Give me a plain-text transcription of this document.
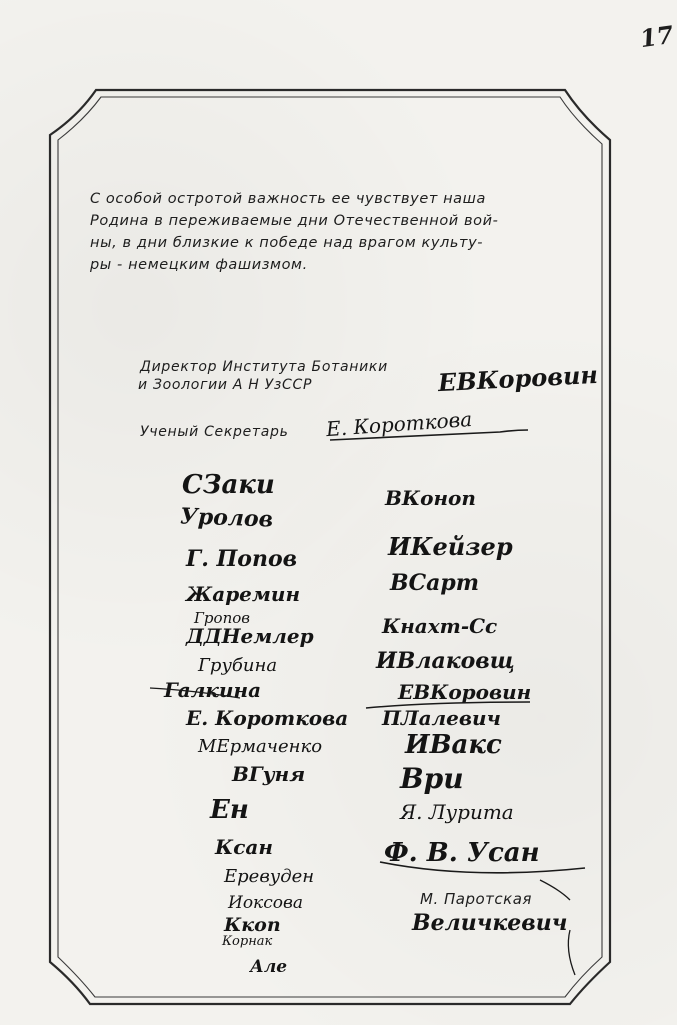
17
С особой остротой важность ее чувствует наша
Родина в переживаемые дни Отечественной вой-
ны, в дни близкие к победе над врагом культу-
ры - немецким фашизмом.
Директор Института Ботаники
и Зоологии А Н УзССР	ЕВКоровин
Ученый Секретарь Е. Коротковa
СЗаки
Уролов
Г. Попов
Жаремин
Гропов
ДДНемлер
Грубина
Галкина
Е. Коротковa
МЕрмаченко
ВГуня
Ен
Ксан
Еревуден
Иоксова
Ккоп
Корнак
Але
ВКоноп
ИКейзер
ВСарт
Кнахт-Сс
ИВлаковщ
ЕВКоровин
ПЛалевич
ИВакс
Ври
Я. Лурита
Ф. В. Усан
М. Паротская
Величкевич
